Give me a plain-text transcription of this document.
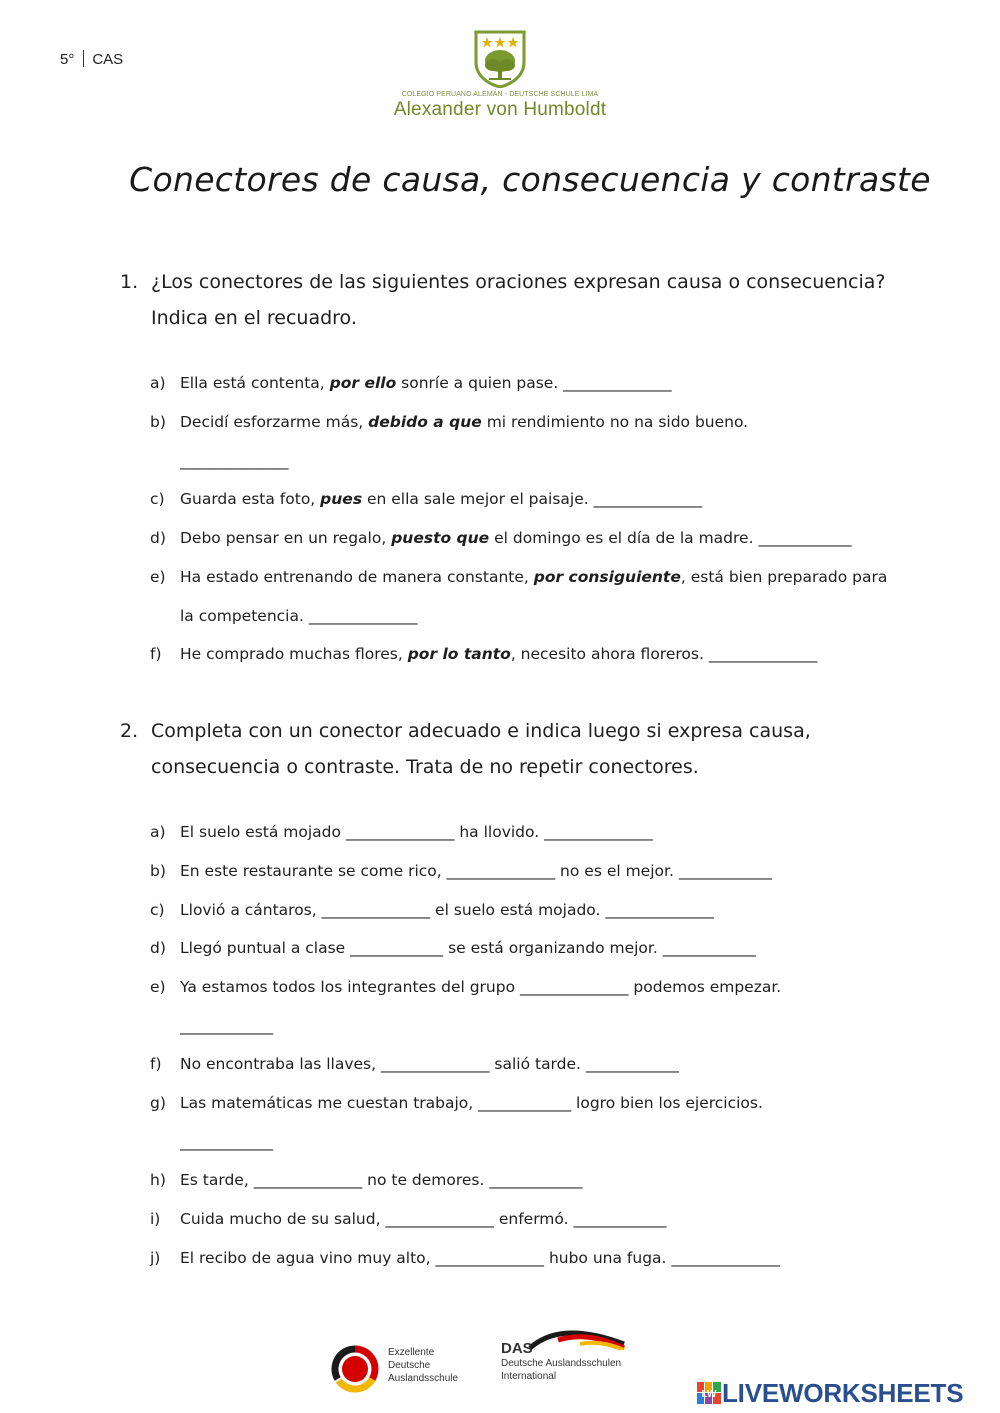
5° CAS
COLEGIO PERUANO ALEMÁN - DEUTSCHE SCHULE LIMA
Alexander von Humboldt
Conectores de causa, consecuencia y contraste
1. ¿Los conectores de las siguientes oraciones expresan causa o consecuencia?
Indica en el recuadro.
a) Ella está contenta, por ello sonríe a quien pase. ______________
b) Decidí esforzarme más, debido a que mi rendimiento no na sido bueno.
______________
c) Guarda esta foto, pues en ella sale mejor el paisaje. ______________
d) Debo pensar en un regalo, puesto que el domingo es el día de la madre. ____________
e) Ha estado entrenando de manera constante, por consiguiente, está bien preparado para
la competencia. ______________
f) He comprado muchas flores, por lo tanto, necesito ahora floreros. ______________
2. Completa con un conector adecuado e indica luego si expresa causa,
consecuencia o contraste. Trata de no repetir conectores.
a) El suelo está mojado ______________ ha llovido. ______________
b) En este restaurante se come rico, ______________ no es el mejor. ____________
c) Llovió a cántaros, ______________ el suelo está mojado. ______________
d) Llegó puntual a clase ____________ se está organizando mejor. ____________
e) Ya estamos todos los integrantes del grupo ______________ podemos empezar.
____________
f) No encontraba las llaves, ______________ salió tarde. ____________
g) Las matemáticas me cuestan trabajo, ____________ logro bien los ejercicios.
____________
h) Es tarde, ______________ no te demores. ____________
i) Cuida mucho de su salud, ______________ enfermó. ____________
j) El recibo de agua vino muy alto, ______________ hubo una fuga. ______________
Exzellente
Deutsche
Auslandsschule
DAS
Deutsche Auslandsschulen
International
LW LIVEWORKSHEETS
